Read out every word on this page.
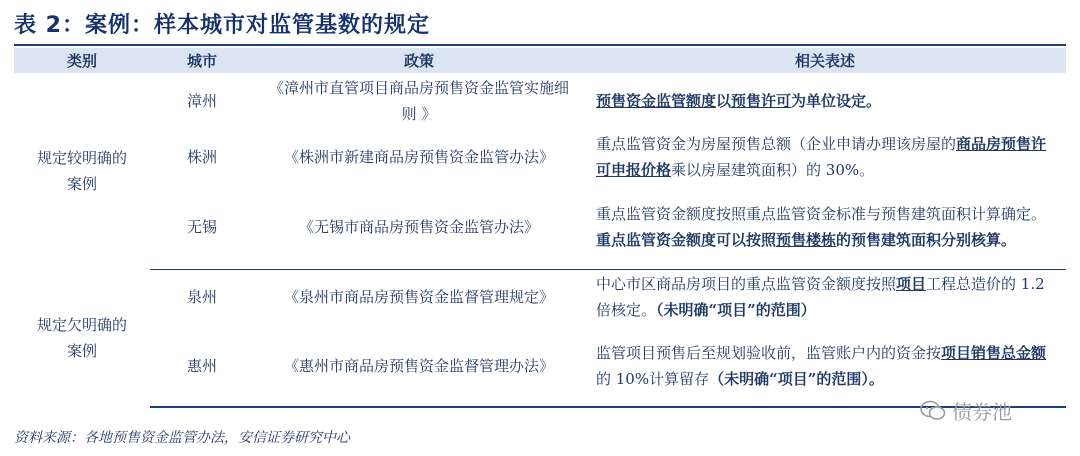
表 2：案例：样本城市对监管基数的规定
类别	城市	政策	相关表述

规定较明确的案例	漳州	《漳州市直管项目商品房预售资金监管实施细则 》	预售资金监管额度以预售许可为单位设定。
	株洲	《株洲市新建商品房预售资金监管办法》	重点监管资金为房屋预售总额（企业申请办理该房屋的商品房预售许可申报价格乘以房屋建筑面积）的 30%。
	无锡	《无锡市商品房预售资金监管办法》	重点监管资金额度按照重点监管资金标准与预售建筑面积计算确定。重点监管资金额度可以按照预售楼栋的预售建筑面积分别核算。

规定欠明确的案例	泉州	《泉州市商品房预售资金监督管理规定》	中心市区商品房项目的重点监管资金额度按照项目工程总造价的 1.2 倍核定。（未明确“项目”的范围）
	惠州	《惠州市商品房预售资金监督管理办法》	监管项目预售后至规划验收前，监管账户内的资金按项目销售总金额的 10%计算留存（未明确“项目”的范围）。
资料来源：各地预售资金监管办法，安信证券研究中心
债券池
